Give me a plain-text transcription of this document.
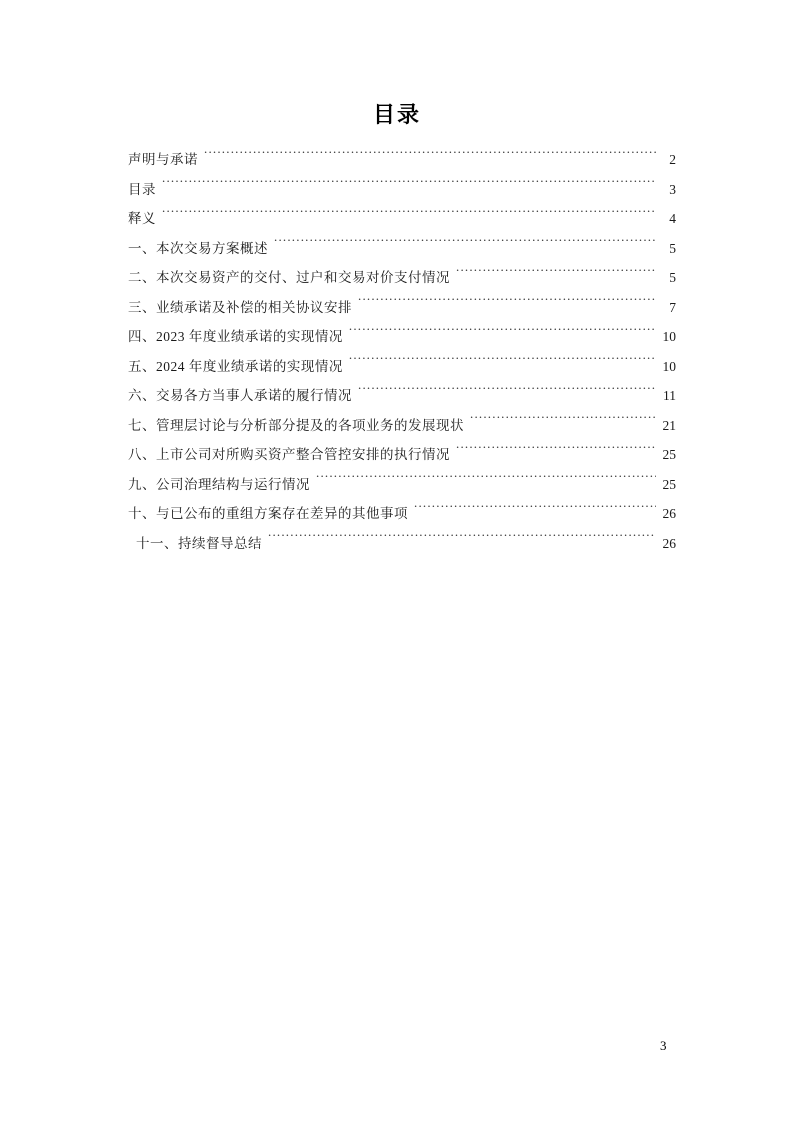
目录
声明与承诺 .....	2
目录 .....	3
释义 .....	4
一、本次交易方案概述 .....	5
二、本次交易资产的交付、过户和交易对价支付情况 .....	5
三、业绩承诺及补偿的相关协议安排 .....	7
四、2023 年度业绩承诺的实现情况 .....	10
五、2024 年度业绩承诺的实现情况 .....	10
六、交易各方当事人承诺的履行情况 .....	11
七、管理层讨论与分析部分提及的各项业务的发展现状 .....	21
八、上市公司对所购买资产整合管控安排的执行情况 .....	25
九、公司治理结构与运行情况 .....	25
十、与已公布的重组方案存在差异的其他事项 .....	26
十一、持续督导总结 .....	26
3
